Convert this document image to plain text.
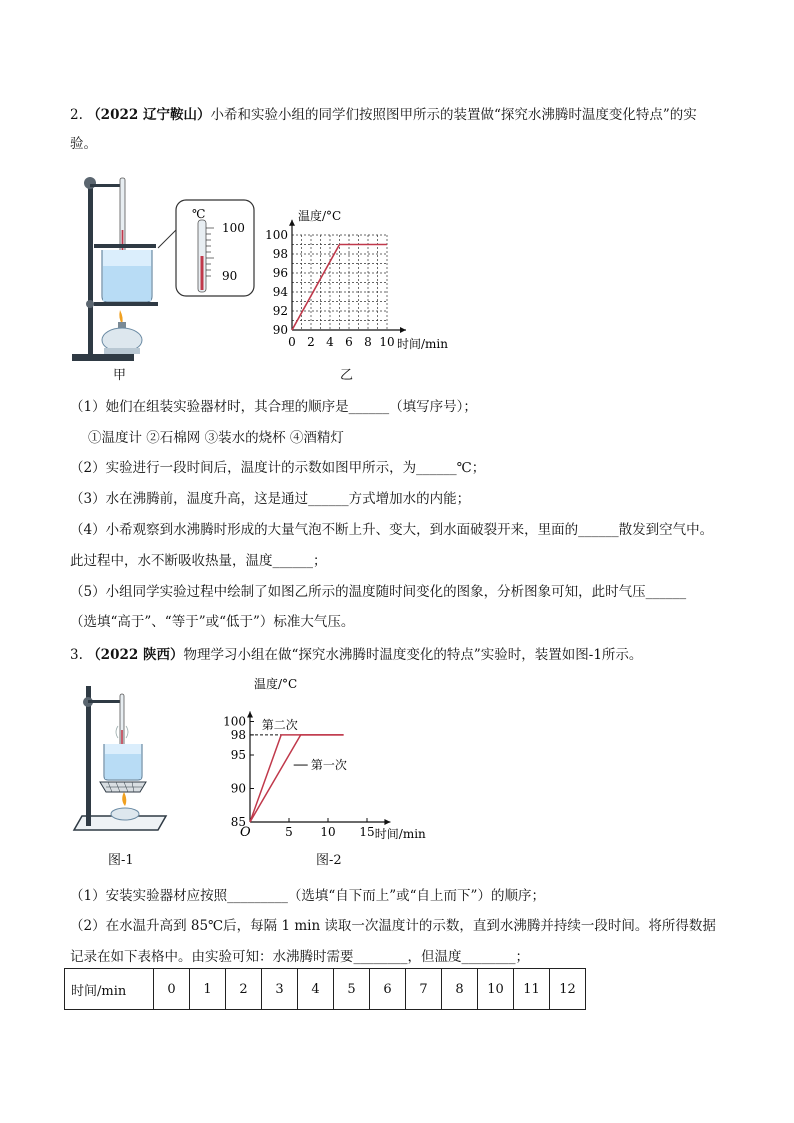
2. （2022 辽宁鞍山）小希和实验小组的同学们按照图甲所示的装置做“探究水沸腾时温度变化特点”的实
验。
℃
100
90
甲
90
92
94
96
98
100
0 2 4 6 8 10
温度/°C
时间/min
乙
（1）她们在组装实验器材时，其合理的顺序是______（填写序号）；
①温度计 ②石棉网 ③装水的烧杯 ④酒精灯
（2）实验进行一段时间后，温度计的示数如图甲所示，为______℃；
（3）水在沸腾前，温度升高，这是通过______方式增加水的内能；
（4）小希观察到水沸腾时形成的大量气泡不断上升、变大，到水面破裂开来，里面的______散发到空气中。
此过程中，水不断吸收热量，温度______；
（5）小组同学实验过程中绘制了如图乙所示的温度随时间变化的图象，分析图象可知，此时气压______
（选填“高于”、“等于”或“低于”）标准大气压。
3. （2022 陕西）物理学习小组在做“探究水沸腾时温度变化的特点”实验时，装置如图-1所示。
图-1
85
90
95
98
100
5 10 15
O
温度/°C
时间/min
第二次
第一次
图-2
（1）安装实验器材应按照_________（选填“自下而上”或“自上而下”）的顺序；
（2）在水温升高到 85℃后，每隔 1 min 读取一次温度计的示数，直到水沸腾并持续一段时间。将所得数据
记录在如下表格中。由实验可知：水沸腾时需要________，但温度________；
时间/min	0	1	2	3	4	5	6	7	8	10	11	12
